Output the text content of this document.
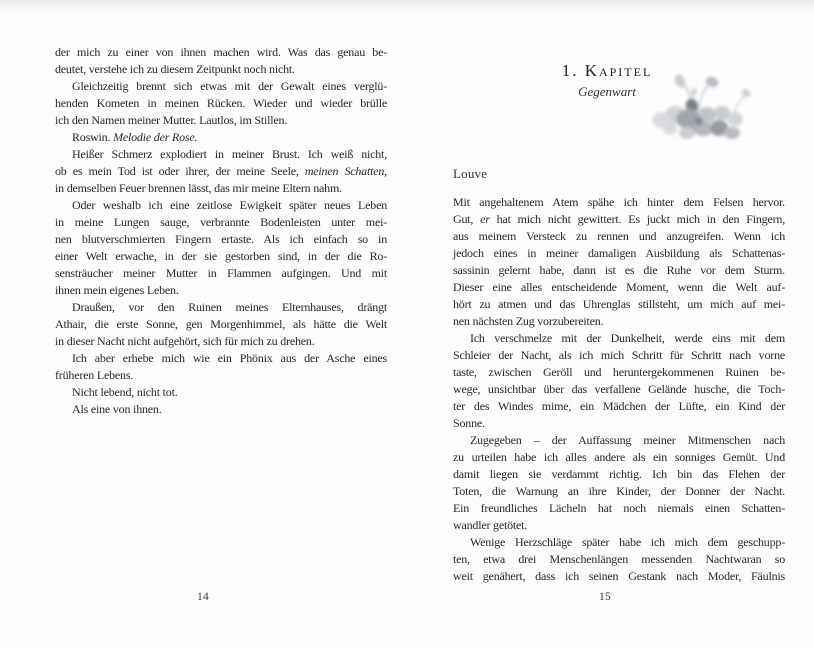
der mich zu einer von ihnen machen wird. Was das genau be-
deutet, verstehe ich zu diesem Zeitpunkt noch nicht.
Gleichzeitig brennt sich etwas mit der Gewalt eines verglü-
henden Kometen in meinen Rücken. Wieder und wieder brülle
ich den Namen meiner Mutter. Lautlos, im Stillen.
Roswin. Melodie der Rose.
Heißer Schmerz explodiert in meiner Brust. Ich weiß nicht,
ob es mein Tod ist oder ihrer, der meine Seele, meinen Schatten,
in demselben Feuer brennen lässt, das mir meine Eltern nahm.
Oder weshalb ich eine zeitlose Ewigkeit später neues Leben
in meine Lungen sauge, verbrannte Bodenleisten unter mei-
nen blutverschmierten Fingern ertaste. Als ich einfach so in
einer Welt erwache, in der sie gestorben sind, in der die Ro-
sensträucher meiner Mutter in Flammen aufgingen. Und mit
ihnen mein eigenes Leben.
Draußen, vor den Ruinen meines Elternhauses, drängt
Athair, die erste Sonne, gen Morgenhimmel, als hätte die Welt
in dieser Nacht nicht aufgehört, sich für mich zu drehen.
Ich aber erhebe mich wie ein Phönix aus der Asche eines
früheren Lebens.
Nicht lebend, nicht tot.
Als eine von ihnen.
14
1. Kapitel
Gegenwart
Louve
Mit angehaltenem Atem spähe ich hinter dem Felsen hervor.
Gut, er hat mich nicht gewittert. Es juckt mich in den Fingern,
aus meinem Versteck zu rennen und anzugreifen. Wenn ich
jedoch eines in meiner damaligen Ausbildung als Schattenas-
sassinin gelernt habe, dann ist es die Ruhe vor dem Sturm.
Dieser eine alles entscheidende Moment, wenn die Welt auf-
hört zu atmen und das Uhrenglas stillsteht, um mich auf mei-
nen nächsten Zug vorzubereiten.
Ich verschmelze mit der Dunkelheit, werde eins mit dem
Schleier der Nacht, als ich mich Schritt für Schritt nach vorne
taste, zwischen Geröll und heruntergekommenen Ruinen be-
wege, unsichtbar über das verfallene Gelände husche, die Toch-
ter des Windes mime, ein Mädchen der Lüfte, ein Kind der
Sonne.
Zugegeben – der Auffassung meiner Mitmenschen nach
zu urteilen habe ich alles andere als ein sonniges Gemüt. Und
damit liegen sie verdammt richtig. Ich bin das Flehen der
Toten, die Warnung an ihre Kinder, der Donner der Nacht.
Ein freundliches Lächeln hat noch niemals einen Schatten-
wandler getötet.
Wenige Herzschläge später habe ich mich dem geschupp-
ten, etwa drei Menschenlängen messenden Nachtwaran so
weit genähert, dass ich seinen Gestank nach Moder, Fäulnis
15
